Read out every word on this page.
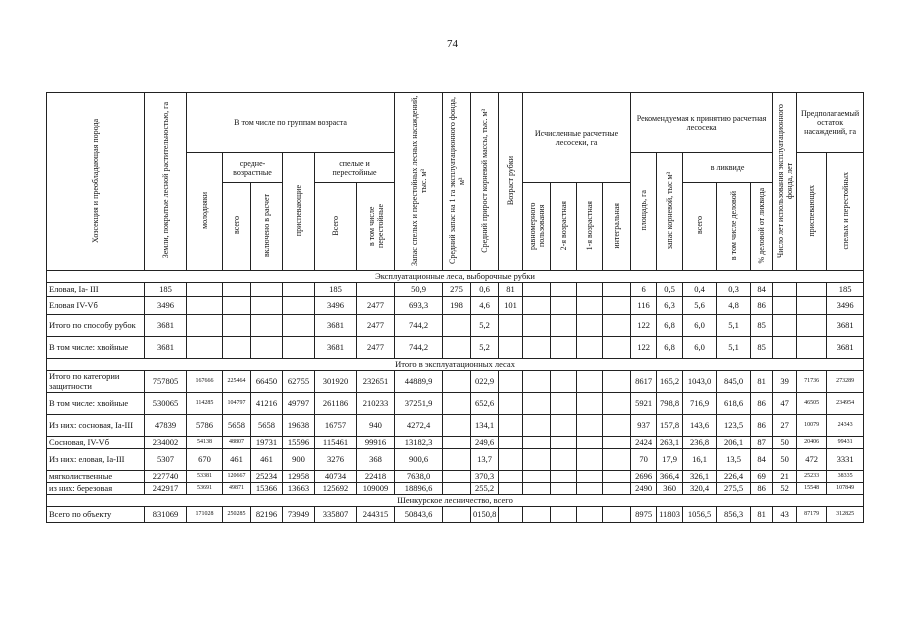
74
Хозсекция и преобладающая порода	Земли, покрытые лесной растительностью, га	В том числе по группам возраста						Запас спелых и перестойных лесных насаждений, тыс. м³	Средний запас на 1 га эксплуатационного фонда, м³	Средний прирост корневой массы, тыс. м³	Возраст рубки	Исчисленные расчетные лесосеки, га				Рекомендуемая к принятию расчетная лесосека					Число лет использования эксплуатационного фонда, лет	Предполагаемый остаток насаждений, га	
		молодняки	средне-возрастные		приспевающие	спелые и перестойные										площадь, га	запас корневой, тыс м³	в ликвиде				приспевающих	спелых и перестойных
			всего	включено в расчет		Всего	в том числе перестойные					равномерного пользования	2-я возрастная	1-я возрастная	интегральная			всего	в том числе деловой	% деловой от ликвида			
Эксплуатационные леса, выборочные рубки																							
Еловая, Ia- III	185					185		50,9	275	0,6	81					6	0,5	0,4	0,3	84			185
Еловая IV-Vб	3496					3496	2477	693,3	198	4,6	101					116	6,3	5,6	4,8	86			3496
Итого по способу рубок	3681					3681	2477	744,2		5,2						122	6,8	6,0	5,1	85			3681
В том числе: хвойные	3681					3681	2477	744,2		5,2						122	6,8	6,0	5,1	85			3681
Итого в эксплуатационных лесах																							
Итого по категории защитности	757805	167666	225464	66450	62755	301920	232651	44889,9		022,9						8617	165,2	1043,0	845,0	81	39	71736	273289
В том числе: хвойные	530065	114285	104797	41216	49797	261186	210233	37251,9		652,6						5921	798,8	716,9	618,6	86	47	46505	234954
Из них: сосновая, Ia-III	47839	5786	5658	5658	19638	16757	940	4272,4		134,1						937	157,8	143,6	123,5	86	27	10079	24343
Сосновая, IV-Vб	234002	54138	48807	19731	15596	115461	99916	13182,3		249,6						2424	263,1	236,8	206,1	87	50	20406	99431
Из них: еловая, Ia-III	5307	670	461	461	900	3276	368	900,6		13,7						70	17,9	16,1	13,5	84	50	472	3331
мягколиственные	227740	53381	120667	25234	12958	40734	22418	7638,0		370,3						2696	366,4	326,1	226,4	69	21	25233	38335
из них: березовая	242917	53691	49871	15366	13663	125692	109009	18896,6		255,2						2490	360	320,4	275,5	86	52	15548	107849
Шенкурское лесничество, всего																							
Всего по объекту	831069	171028	250285	82196	73949	335807	244315	50843,6		0150,8						8975	11803	1056,5	856,3	81	43	87179	312825
